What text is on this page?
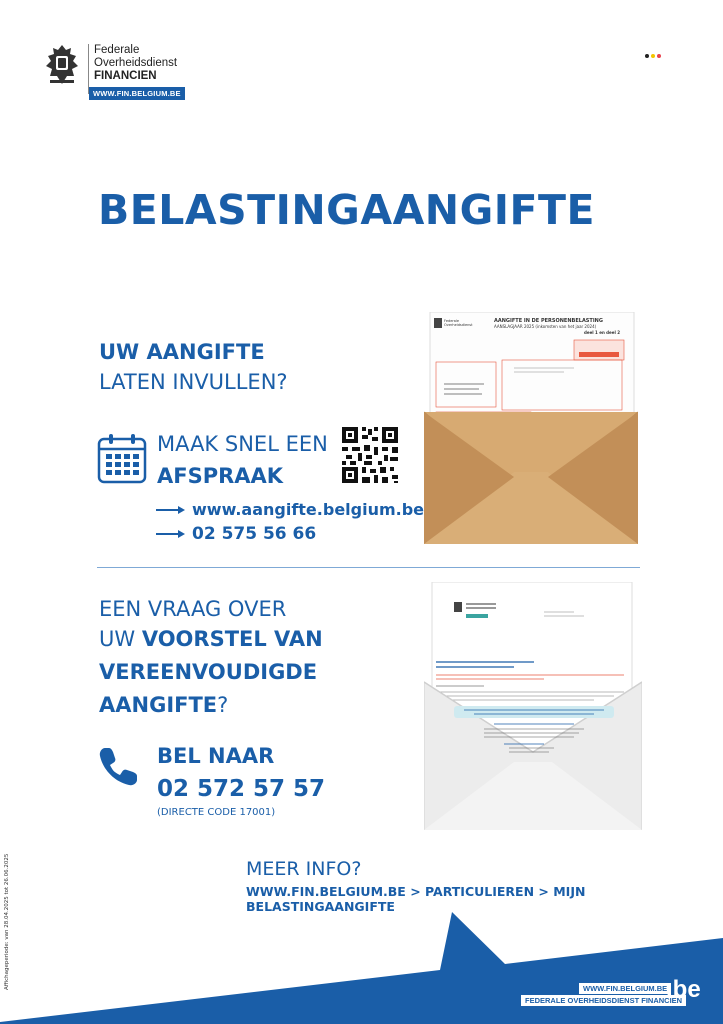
Federale
Overheidsdienst
FINANCIEN
WWW.FIN.BELGIUM.BE
BELASTINGAANGIFTE
UW AANGIFTE
LATEN INVULLEN?
MAAK SNEL EEN
AFSPRAAK
www.aangifte.belgium.be
02 575 56 66
Federale
Overheidsdienst
AANGIFTE IN DE PERSONENBELASTING
AANSLAGJAAR 2025 (inkomsten van het jaar 2024)
deel 1 en deel 2
EEN VRAAG OVER
UW VOORSTEL VAN
VEREENVOUDIGDE
AANGIFTE?
BEL NAAR
02 572 57 57
(DIRECTE CODE 17001)
MEER INFO?
WWW.FIN.BELGIUM.BE > PARTICULIEREN > MIJN BELASTINGAANGIFTE
Affichageperiode: van 28.04.2025 tot 26.06.2025	WWW.FIN.BELGIUM.BE
FEDERALE OVERHEIDSDIENST FINANCIEN
.be
